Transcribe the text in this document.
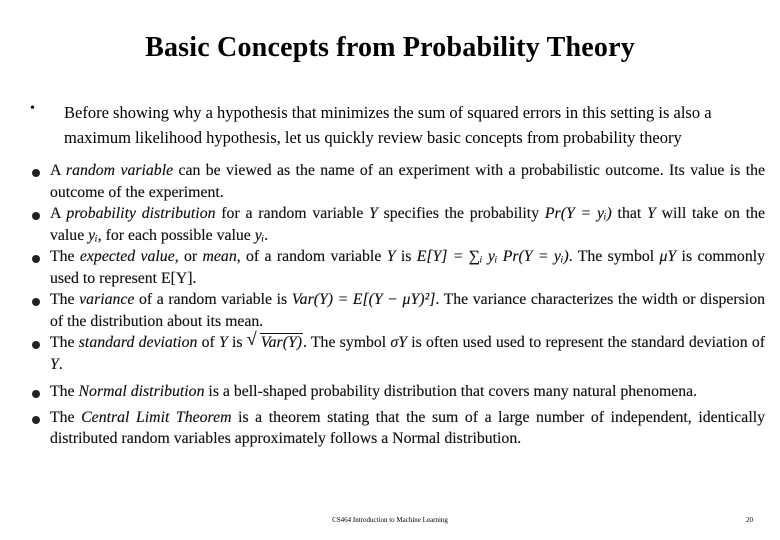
Basic Concepts from Probability Theory
• Before showing why a hypothesis that minimizes the sum of squared errors in this setting is also a maximum likelihood hypothesis, let us quickly review basic concepts from probability theory
A random variable can be viewed as the name of an experiment with a probabilistic outcome. Its value is the outcome of the experiment.
A probability distribution for a random variable Y specifies the probability Pr(Y = yᵢ) that Y will take on the value yᵢ, for each possible value yᵢ.
The expected value, or mean, of a random variable Y is E[Y] = ∑ᵢ yᵢ Pr(Y = yᵢ). The symbol μY is commonly used to represent E[Y].
The variance of a random variable is Var(Y) = E[(Y − μY)²]. The variance characterizes the width or dispersion of the distribution about its mean.
The standard deviation of Y is √ Var(Y). The symbol σY is often used used to represent the standard deviation of Y.
The Normal distribution is a bell-shaped probability distribution that covers many natural phenomena.
The Central Limit Theorem is a theorem stating that the sum of a large number of independent, identically distributed random variables approximately follows a Normal distribution.
CS464 Introduction to Machine Learning	20
